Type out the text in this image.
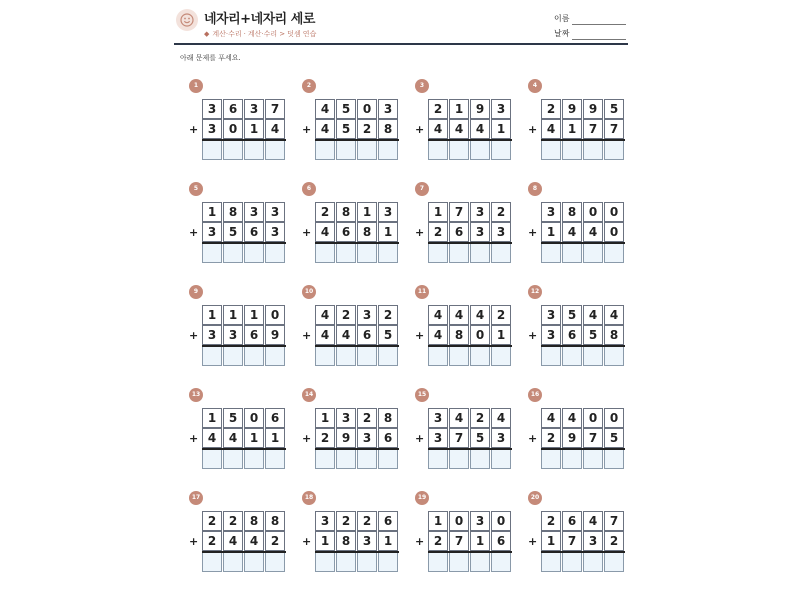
네자리+네자리 세로
◆ 계산·수리 · 계산·수리 > 덧셈 연습
이름
날짜
아래 문제를 푸세요.
1
+
3	6	3	7
3	0	1	4
2
+
4	5	0	3
4	5	2	8
3
+
2	1	9	3
4	4	4	1
4
+
2	9	9	5
4	1	7	7
5
+
1	8	3	3
3	5	6	3
6
+
2	8	1	3
4	6	8	1
7
+
1	7	3	2
2	6	3	3
8
+
3	8	0	0
1	4	4	0
9
+
1	1	1	0
3	3	6	9
10
+
4	2	3	2
4	4	6	5
11
+
4	4	4	2
4	8	0	1
12
+
3	5	4	4
3	6	5	8
13
+
1	5	0	6
4	4	1	1
14
+
1	3	2	8
2	9	3	6
15
+
3	4	2	4
3	7	5	3
16
+
4	4	0	0
2	9	7	5
17
+
2	2	8	8
2	4	4	2
18
+
3	2	2	6
1	8	3	1
19
+
1	0	3	0
2	7	1	6
20
+
2	6	4	7
1	7	3	2
